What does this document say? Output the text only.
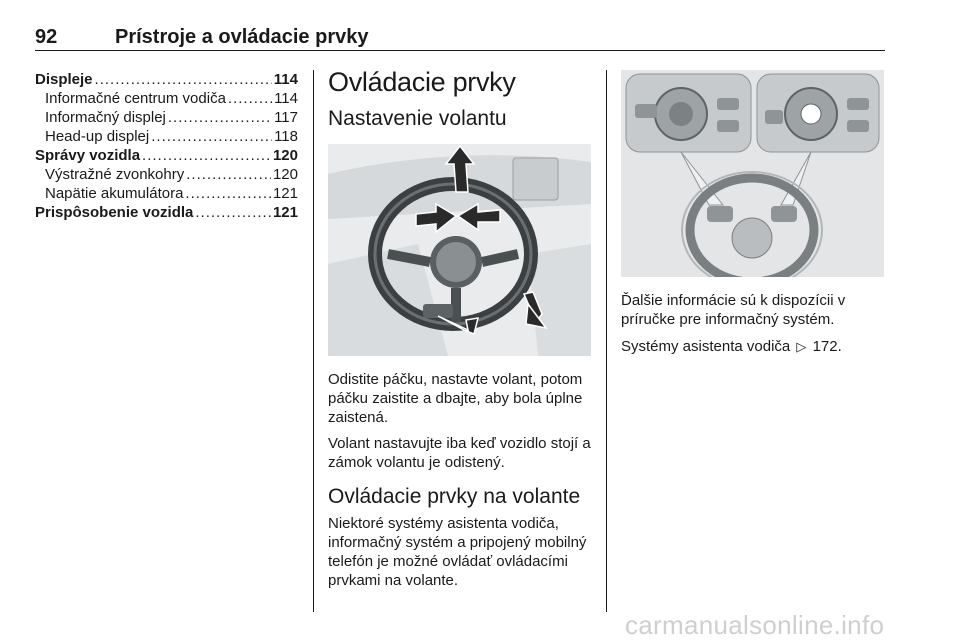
92	Prístroje a ovládacie prvky
Displeje .....	114
Informačné centrum vodiča .....	114
Informačný displej .....	117
Head-up displej .....	118
Správy vozidla .....	120
Výstražné zvonkohry .....	120
Napätie akumulátora .....	121
Prispôsobenie vozidla .....	121
Ovládacie prvky
Nastavenie volantu

Odistite páčku, nastavte volant, potom páčku zaistite a dbajte, aby bola úplne zaistená.

Volant nastavujte iba keď vozidlo stojí a zámok volantu je odistený.

Ovládacie prvky na volante

Niektoré systémy asistenta vodiča, informačný systém a pripojený mobilný telefón je možné ovládať ovládacími prvkami na volante.

Ďalšie informácie sú k dispozícii v príručke pre informačný systém.

Systémy asistenta vodiča ▷ 172.

carmanualsonline.info
